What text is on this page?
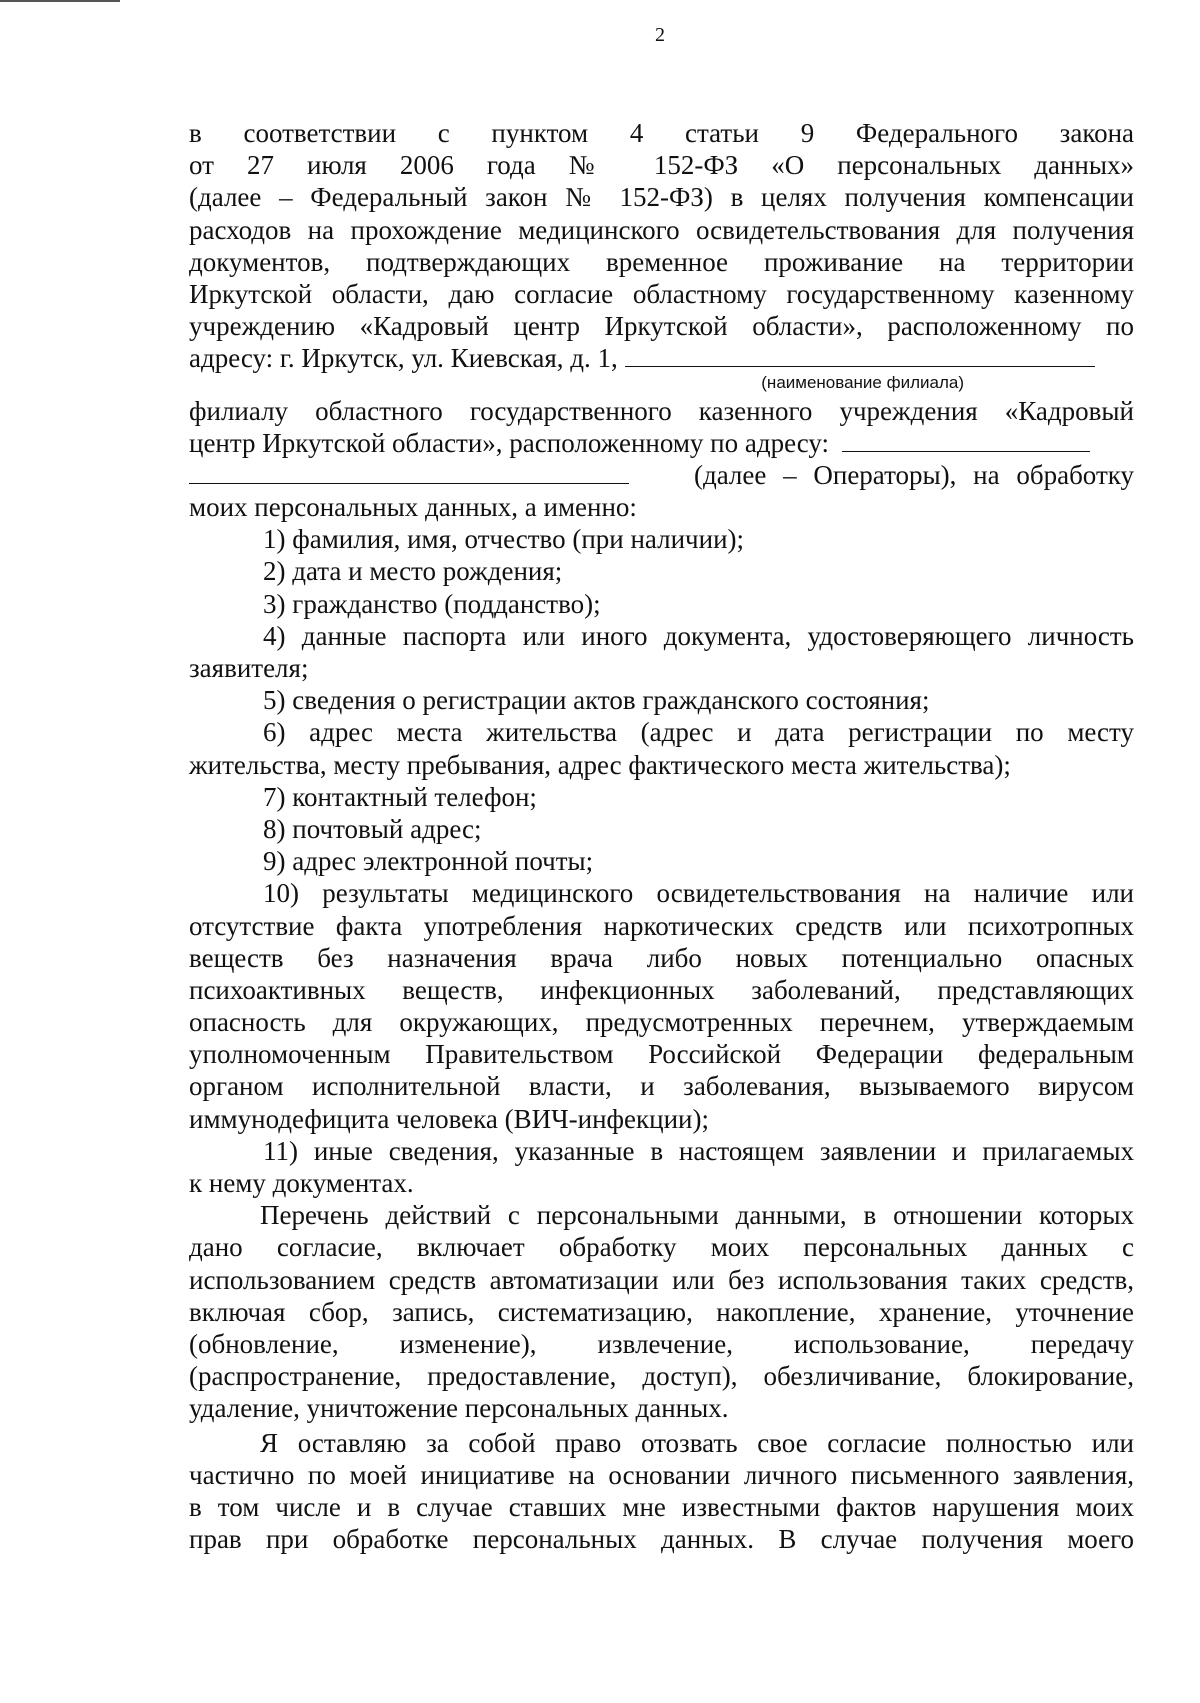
2
в соответствии с пунктом 4 статьи 9 Федерального закона
от 27 июля 2006 года № 152-ФЗ «О персональных данных»
(далее – Федеральный закон № 152-ФЗ) в целях получения компенсации
расходов на прохождение медицинского освидетельствования для получения
документов, подтверждающих временное проживание на территории
Иркутской области, даю согласие областному государственному казенному
учреждению «Кадровый центр Иркутской области», расположенному по
адресу: г. Иркутск, ул. Киевская, д. 1,
(наименование филиала)
филиалу областного государственного казенного учреждения «Кадровый
центр Иркутской области», расположенному по адресу:
(далее – Операторы), на обработку
моих персональных данных, а именно:
1) фамилия, имя, отчество (при наличии);
2) дата и место рождения;
3) гражданство (подданство);
4) данные паспорта или иного документа, удостоверяющего личность
заявителя;
5) сведения о регистрации актов гражданского состояния;
6) адрес места жительства (адрес и дата регистрации по месту
жительства, месту пребывания, адрес фактического места жительства);
7) контактный телефон;
8) почтовый адрес;
9) адрес электронной почты;
10) результаты медицинского освидетельствования на наличие или
отсутствие факта употребления наркотических средств или психотропных
веществ без назначения врача либо новых потенциально опасных
психоактивных веществ, инфекционных заболеваний, представляющих
опасность для окружающих, предусмотренных перечнем, утверждаемым
уполномоченным Правительством Российской Федерации федеральным
органом исполнительной власти, и заболевания, вызываемого вирусом
иммунодефицита человека (ВИЧ-инфекции);
11) иные сведения, указанные в настоящем заявлении и прилагаемых
к нему документах.
Перечень действий с персональными данными, в отношении которых
дано согласие, включает обработку моих персональных данных с
использованием средств автоматизации или без использования таких средств,
включая сбор, запись, систематизацию, накопление, хранение, уточнение
(обновление, изменение), извлечение, использование, передачу
(распространение, предоставление, доступ), обезличивание, блокирование,
удаление, уничтожение персональных данных.
Я оставляю за собой право отозвать свое согласие полностью или
частично по моей инициативе на основании личного письменного заявления,
в том числе и в случае ставших мне известными фактов нарушения моих
прав при обработке персональных данных. В случае получения моего
